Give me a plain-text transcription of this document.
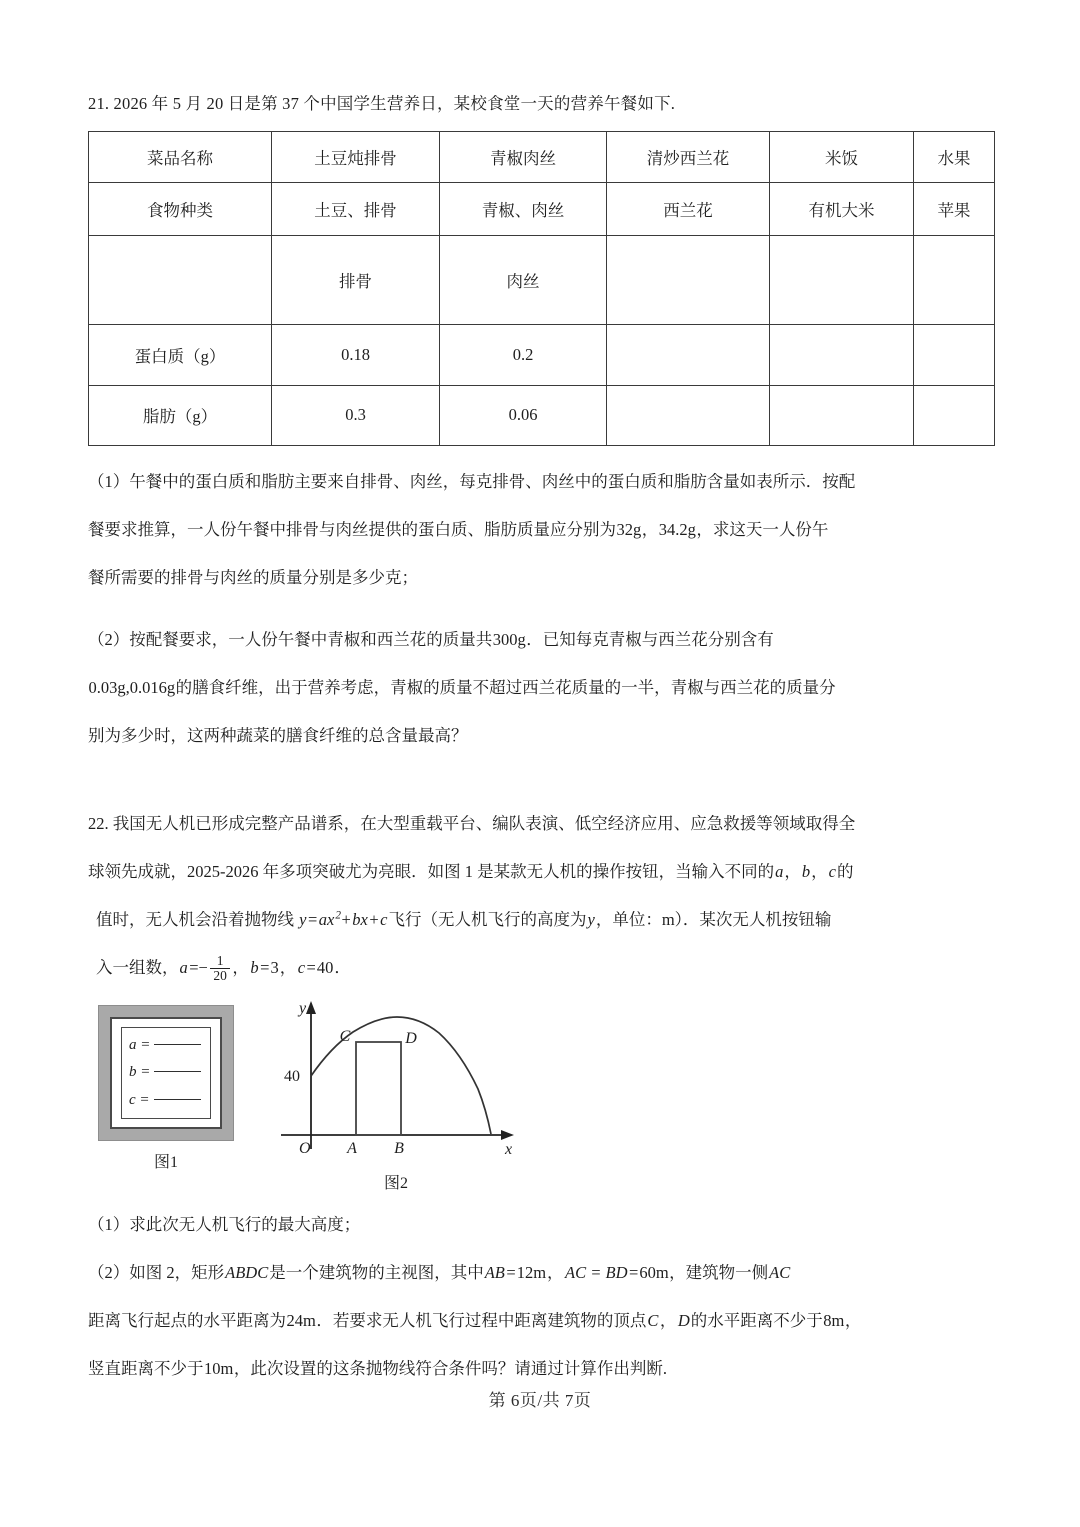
21. 2026 年 5 月 20 日是第 37 个中国学生营养日，某校食堂一天的营养午餐如下.
菜品名称	土豆炖排骨	青椒肉丝	清炒西兰花	米饭	水果
食物种类	土豆、排骨	青椒、肉丝	西兰花	有机大米	苹果
	排骨	肉丝			
蛋白质（g）	0.18	0.2			
脂肪（g）	0.3	0.06			
（1）午餐中的蛋白质和脂肪主要来自排骨、肉丝，每克排骨、肉丝中的蛋白质和脂肪含量如表所示．按配
餐要求推算，一人份午餐中排骨与肉丝提供的蛋白质、脂肪质量应分别为32g，34.2g，求这天一人份午
餐所需要的排骨与肉丝的质量分别是多少克；
（2）按配餐要求，一人份午餐中青椒和西兰花的质量共300g．已知每克青椒与西兰花分别含有
0.03g,0.016g的膳食纤维，出于营养考虑，青椒的质量不超过西兰花质量的一半，青椒与西兰花的质量分
别为多少时，这两种蔬菜的膳食纤维的总含量最高？
22. 我国无人机已形成完整产品谱系，在大型重载平台、编队表演、低空经济应用、应急救援等领域取得全
球领先成就，2025-2026 年多项突破尤为亮眼．如图 1 是某款无人机的操作按钮，当输入不同的a，b，c的
值时，无人机会沿着抛物线 $y=ax^2+bx+c$飞行（无人机飞行的高度为y，单位：m）．某次无人机按钮输
入一组数，$a=- \frac{1}{20}$ ，b=3，c=40．
a =
b =
c =
图1
40
O	x
y
A B
C	D
图2
（1）求此次无人机飞行的最大高度；
（2）如图 2，矩形ABDC是一个建筑物的主视图，其中AB=12m，AC = BD=60m，建筑物一侧AC
距离飞行起点的水平距离为24m．若要求无人机飞行过程中距离建筑物的顶点C，D的水平距离不少于8m，
竖直距离不少于10m，此次设置的这条抛物线符合条件吗？请通过计算作出判断.
第 6页/共 7页
